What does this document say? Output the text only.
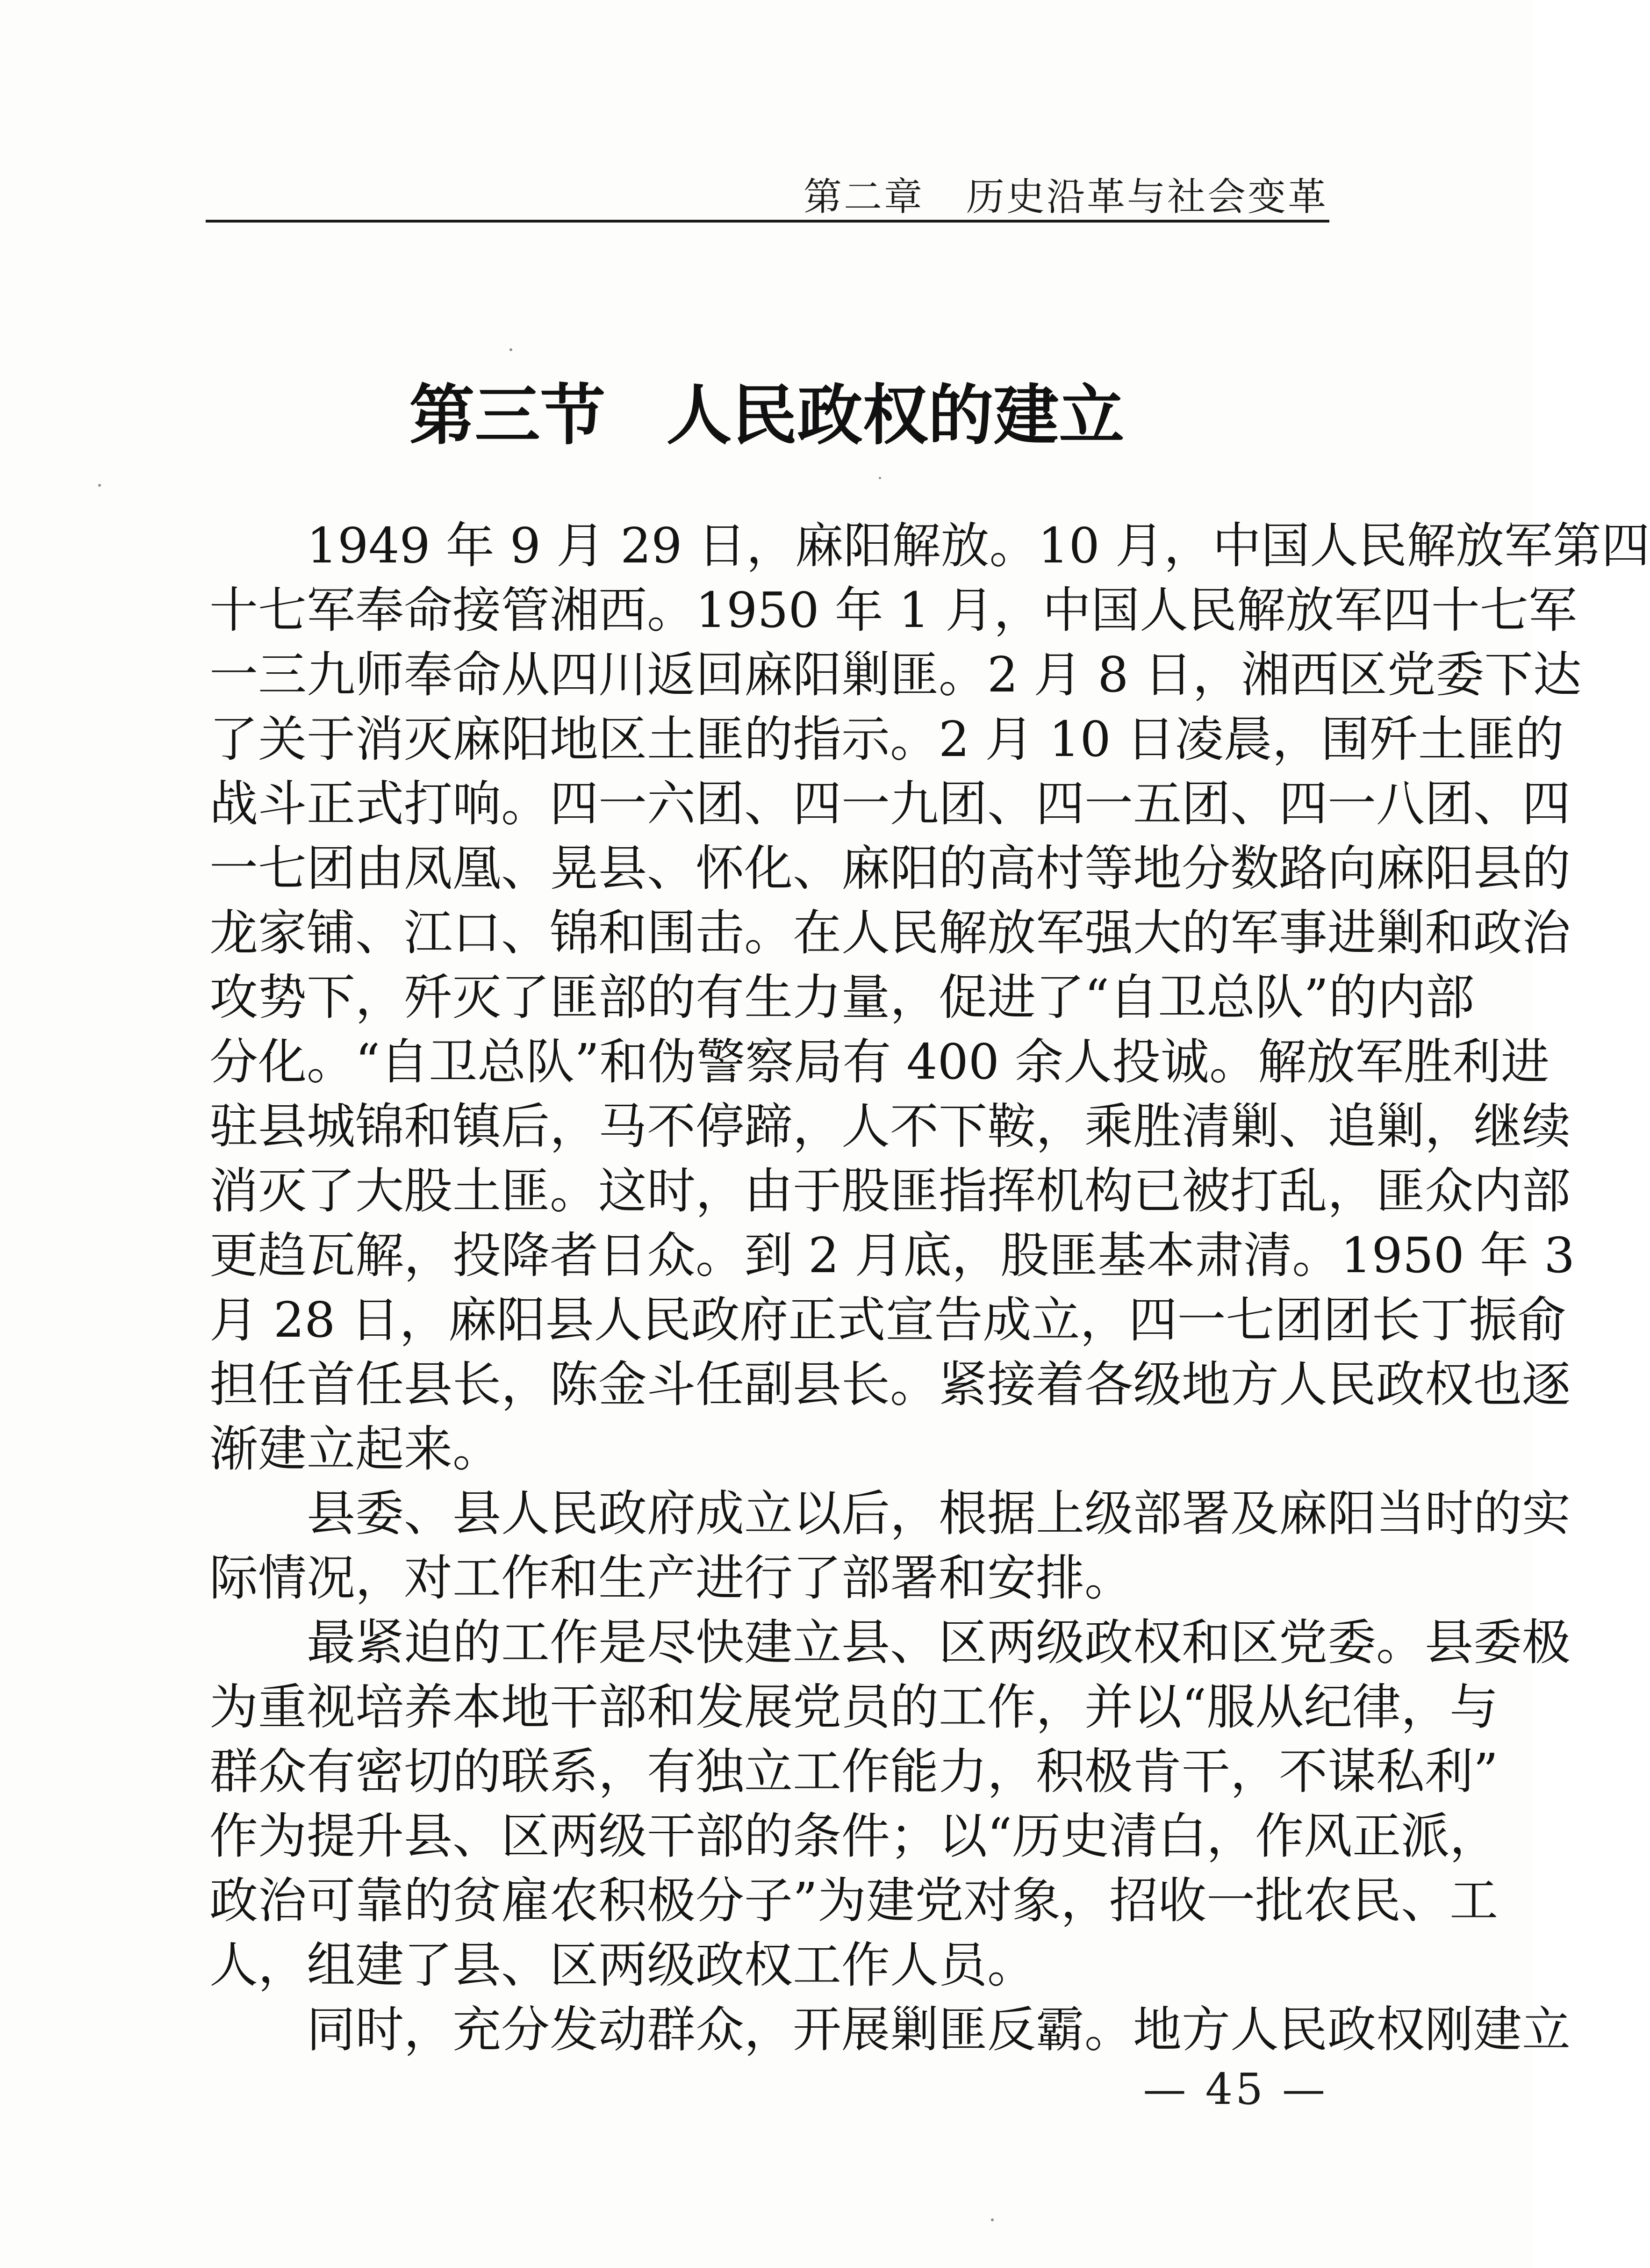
第二章 历史沿革与社会变革
第三节 人民政权的建立
1949 年 9 月 29 日，麻阳解放。10 月，中国人民解放军第四
十七军奉命接管湘西。1950 年 1 月，中国人民解放军四十七军
一三九师奉命从四川返回麻阳剿匪。2 月 8 日，湘西区党委下达
了关于消灭麻阳地区土匪的指示。2 月 10 日凌晨，围歼土匪的
战斗正式打响。四一六团、四一九团、四一五团、四一八团、四
一七团由凤凰、晃县、怀化、麻阳的高村等地分数路向麻阳县的
龙家铺、江口、锦和围击。在人民解放军强大的军事进剿和政治
攻势下，歼灭了匪部的有生力量，促进了“自卫总队”的内部
分化。“自卫总队”和伪警察局有 400 余人投诚。解放军胜利进
驻县城锦和镇后，马不停蹄，人不下鞍，乘胜清剿、追剿，继续
消灭了大股土匪。这时，由于股匪指挥机构已被打乱，匪众内部
更趋瓦解，投降者日众。到 2 月底，股匪基本肃清。1950 年 3
月 28 日，麻阳县人民政府正式宣告成立，四一七团团长丁振俞
担任首任县长，陈金斗任副县长。紧接着各级地方人民政权也逐
渐建立起来。
县委、县人民政府成立以后，根据上级部署及麻阳当时的实
际情况，对工作和生产进行了部署和安排。
最紧迫的工作是尽快建立县、区两级政权和区党委。县委极
为重视培养本地干部和发展党员的工作，并以“服从纪律，与
群众有密切的联系，有独立工作能力，积极肯干，不谋私利”
作为提升县、区两级干部的条件；以“历史清白，作风正派，
政治可靠的贫雇农积极分子”为建党对象，招收一批农民、工
人，组建了县、区两级政权工作人员。
同时，充分发动群众，开展剿匪反霸。地方人民政权刚建立
— 45 —
